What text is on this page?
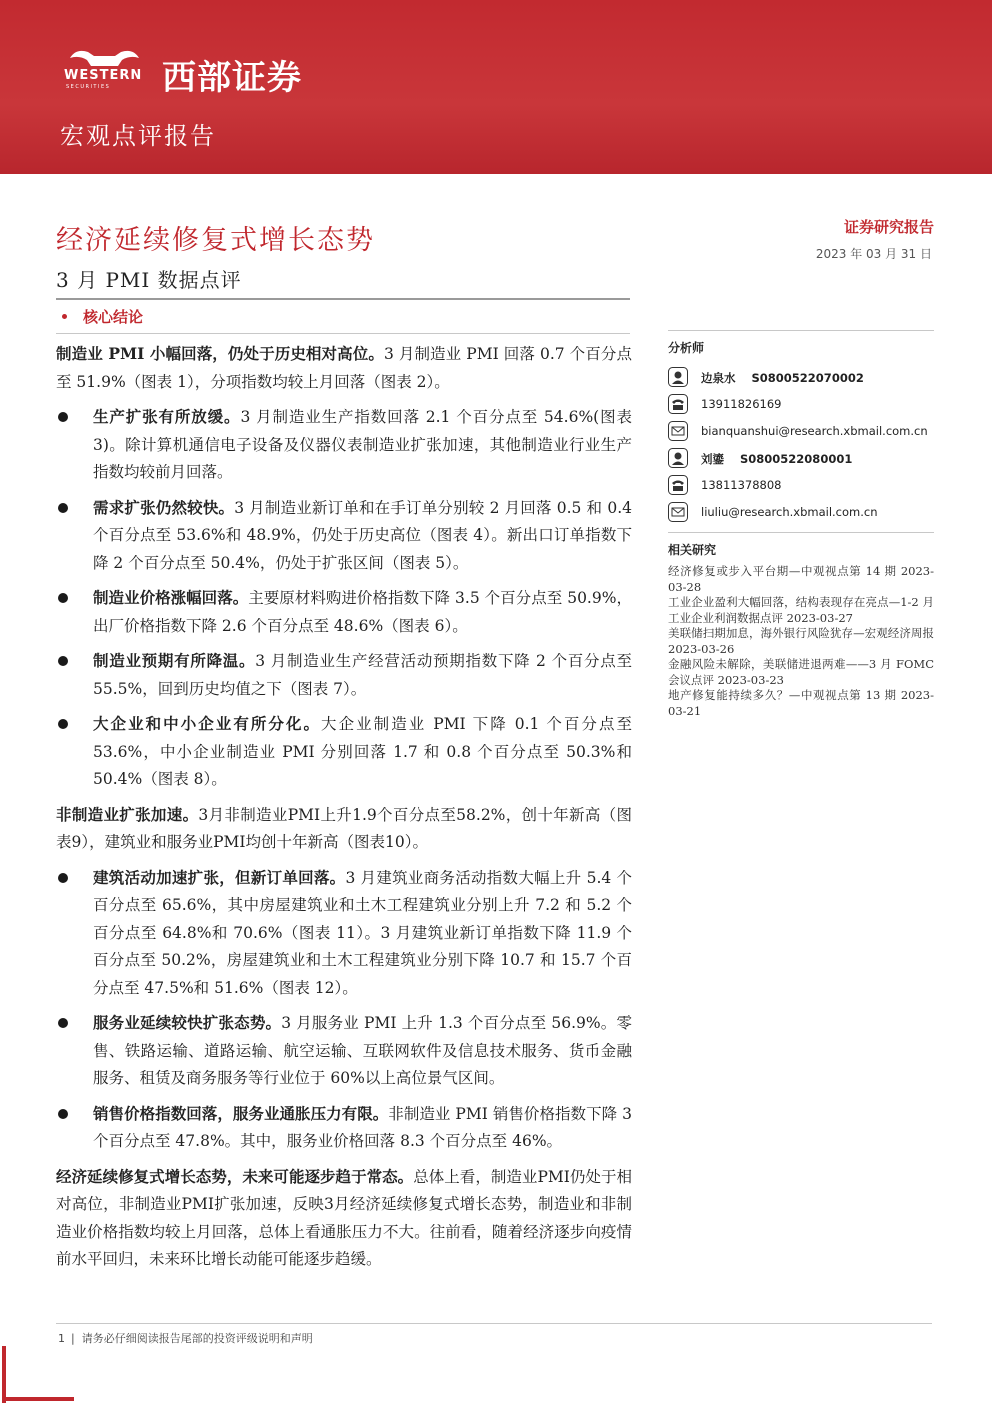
WESTERN
SECURITIES 西部证券
宏观点评报告
经济延续修复式增长态势
3 月 PMI 数据点评
核心结论
证券研究报告
2023 年 03 月 31 日

制造业 PMI 小幅回落，仍处于历史相对高位。3 月制造业 PMI 回落 0.7 个百分点至 51.9%（图表 1），分项指数均较上月回落（图表 2）。

生产扩张有所放缓。3 月制造业生产指数回落 2.1 个百分点至 54.6%(图表 3)。除计算机通信电子设备及仪器仪表制造业扩张加速，其他制造业行业生产指数均较前月回落。
需求扩张仍然较快。3 月制造业新订单和在手订单分别较 2 月回落 0.5 和 0.4 个百分点至 53.6%和 48.9%，仍处于历史高位（图表 4）。新出口订单指数下降 2 个百分点至 50.4%，仍处于扩张区间（图表 5）。
制造业价格涨幅回落。主要原材料购进价格指数下降 3.5 个百分点至 50.9%，出厂价格指数下降 2.6 个百分点至 48.6%（图表 6）。
制造业预期有所降温。3 月制造业生产经营活动预期指数下降 2 个百分点至 55.5%，回到历史均值之下（图表 7）。
大企业和中小企业有所分化。大企业制造业 PMI 下降 0.1 个百分点至 53.6%，中小企业制造业 PMI 分别回落 1.7 和 0.8 个百分点至 50.3%和 50.4%（图表 8）。

非制造业扩张加速。3月非制造业PMI上升1.9个百分点至58.2%，创十年新高（图表9），建筑业和服务业PMI均创十年新高（图表10）。

建筑活动加速扩张，但新订单回落。3 月建筑业商务活动指数大幅上升 5.4 个百分点至 65.6%，其中房屋建筑业和土木工程建筑业分别上升 7.2 和 5.2 个百分点至 64.8%和 70.6%（图表 11）。3 月建筑业新订单指数下降 11.9 个百分点至 50.2%，房屋建筑业和土木工程建筑业分别下降 10.7 和 15.7 个百分点至 47.5%和 51.6%（图表 12）。
服务业延续较快扩张态势。3 月服务业 PMI 上升 1.3 个百分点至 56.9%。零售、铁路运输、道路运输、航空运输、互联网软件及信息技术服务、货币金融服务、租赁及商务服务等行业位于 60%以上高位景气区间。
销售价格指数回落，服务业通胀压力有限。非制造业 PMI 销售价格指数下降 3 个百分点至 47.8%。其中，服务业价格回落 8.3 个百分点至 46%。

经济延续修复式增长态势，未来可能逐步趋于常态。总体上看，制造业PMI仍处于相对高位，非制造业PMI扩张加速，反映3月经济延续修复式增长态势，制造业和非制造业价格指数均较上月回落，总体上看通胀压力不大。往前看，随着经济逐步向疫情前水平回归，未来环比增长动能可能逐步趋缓。

分析师
边泉水 S0800522070002
13911826169
bianquanshui@research.xbmail.com.cn
刘鎏 S0800522080001
13811378808
liuliu@research.xbmail.com.cn
相关研究
经济修复或步入平台期—中观视点第 14 期 2023-03-28
工业企业盈利大幅回落，结构表现存在亮点—1-2 月工业企业利润数据点评 2023-03-27
美联储扫期加息，海外银行风险犹存—宏观经济周报 2023-03-26
金融风险未解除，美联储进退两难——3 月 FOMC 会议点评 2023-03-23
地产修复能持续多久？—中观视点第 13 期 2023-03-21
1 |  请务必仔细阅读报告尾部的投资评级说明和声明
